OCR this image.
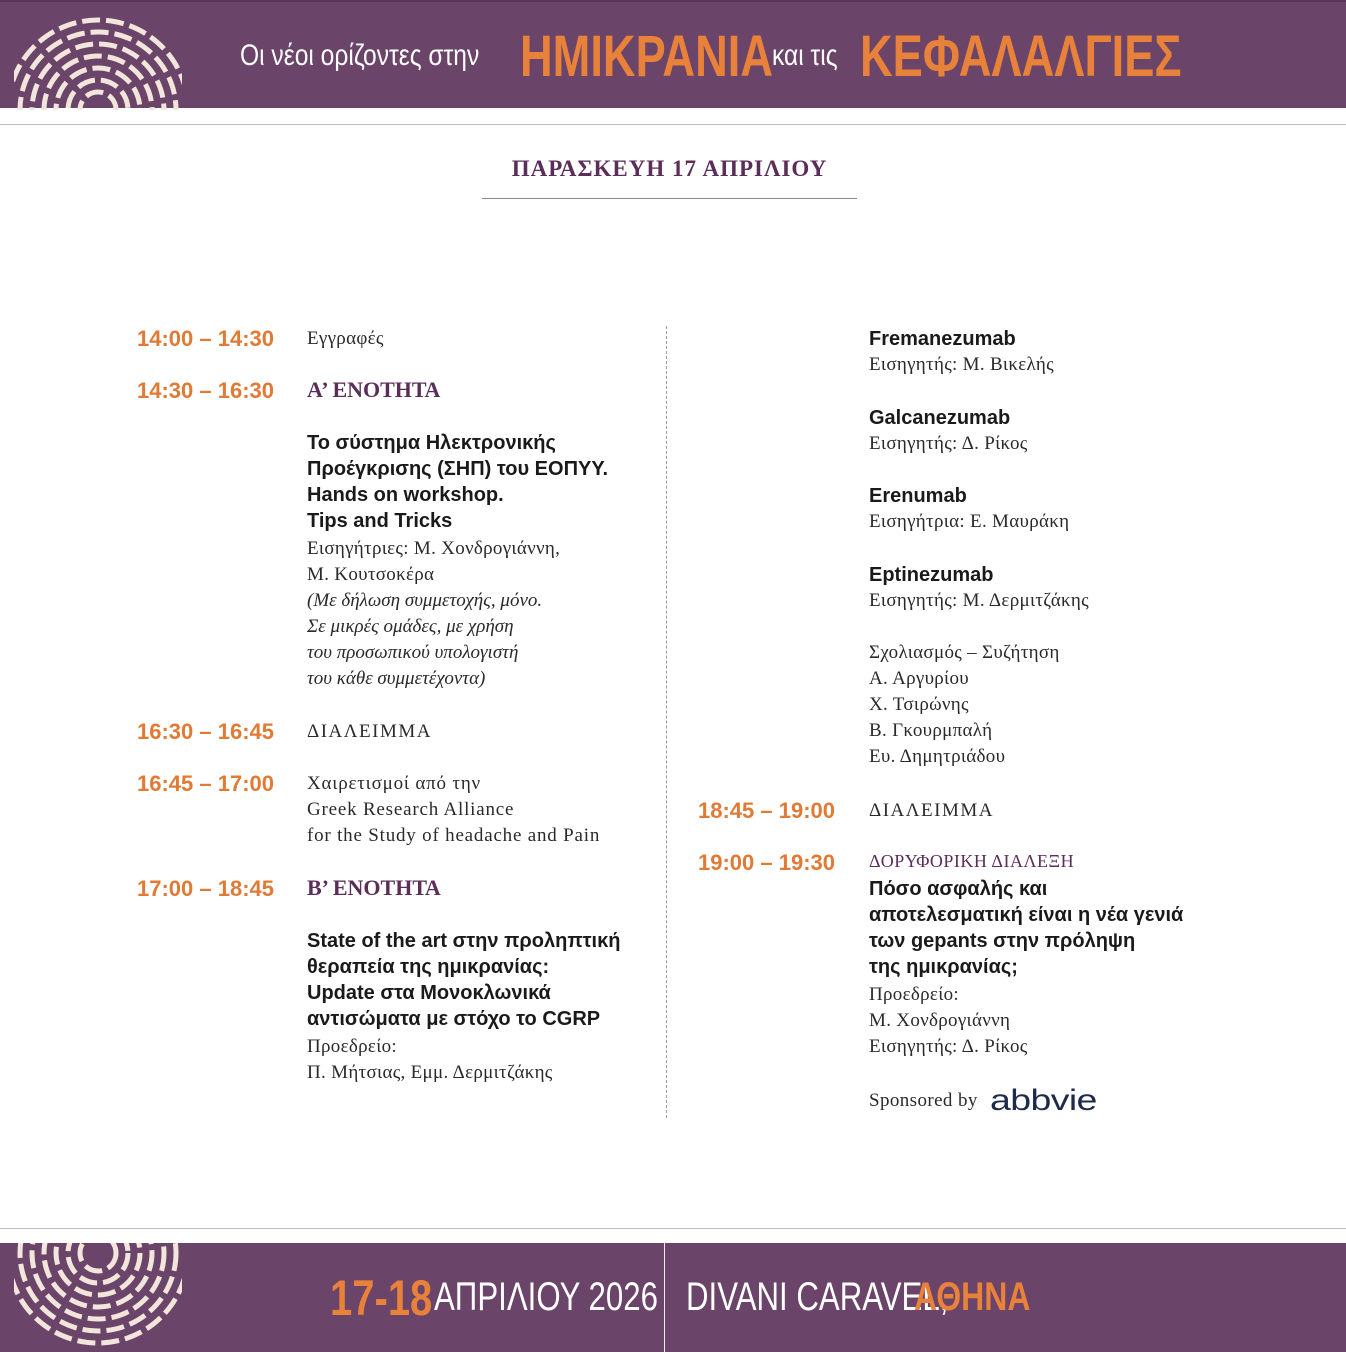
Οι νέοι ορίζοντες στην ΗΜΙΚΡΑΝΙΑ
και τις ΚΕΦΑΛΑΛΓΙΕΣ
ΠΑΡΑΣΚΕΥΗ 17 ΑΠΡΙΛΙΟΥ
14:00 – 14:30 Εγγραφές
14:30 – 16:30 Α’ ΕΝΟΤΗΤΑ
Το σύστημα Ηλεκτρονικής
Προέγκρισης (ΣΗΠ) του ΕΟΠΥΥ.
Hands on workshop.
Tips and Tricks
Εισηγήτριες: Μ. Χονδρογιάννη,
Μ. Κουτσοκέρα
(Με δήλωση συμμετοχής, μόνο.
Σε μικρές ομάδες, με χρήση
του προσωπικού υπολογιστή
του κάθε συμμετέχοντα)
16:30 – 16:45 ΔΙΑΛΕΙΜΜΑ
16:45 – 17:00 Χαιρετισμοί από την
Greek Research Alliance
for the Study of headache and Pain
17:00 – 18:45 Β’ ΕΝΟΤΗΤΑ
State of the art στην προληπτική
θεραπεία της ημικρανίας:
Update στα Μονοκλωνικά
αντισώματα με στόχο το CGRP
Προεδρείο:
Π. Μήτσιας, Εμμ. Δερμιτζάκης
Fremanezumab
Εισηγητής: Μ. Βικελής
Galcanezumab
Εισηγητής: Δ. Ρίκος
Erenumab
Εισηγήτρια: Ε. Μαυράκη
Eptinezumab
Εισηγητής: Μ. Δερμιτζάκης
Σχολιασμός – Συζήτηση
Α. Αργυρίου
Χ. Τσιρώνης
Β. Γκουρμπαλή
Ευ. Δημητριάδου
18:45 – 19:00 ΔΙΑΛΕΙΜΜΑ
19:00 – 19:30 ΔΟΡΥΦΟΡΙΚΗ ΔΙΑΛΕΞΗ
Πόσο ασφαλής και
αποτελεσματική είναι η νέα γενιά
των gepants στην πρόληψη
της ημικρανίας;
Προεδρείο:
Μ. Χονδρογιάννη
Εισηγητής: Δ. Ρίκος
Sponsored by abbvie
17-18 ΑΠΡΙΛΙΟΥ 2026 DIVANI CARAVEL,
ΑΘΗΝΑ
